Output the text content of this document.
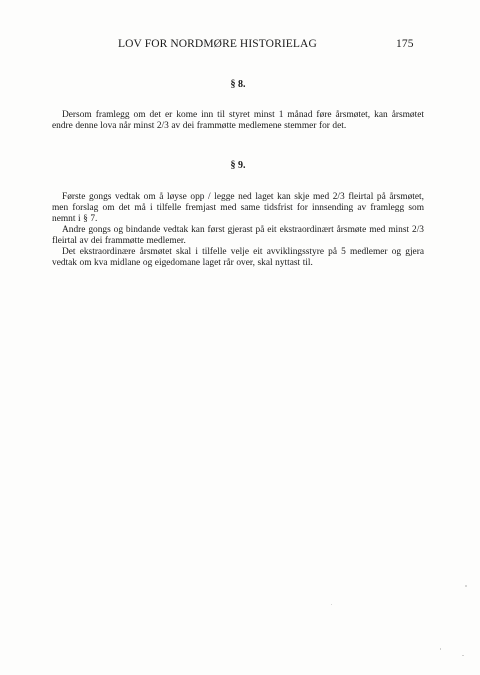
LOV FOR NORDMØRE HISTORIELAG	175

§ 8.

Dersom framlegg om det er kome inn til styret minst 1 månad føre årsmøtet, kan årsmøtet endre denne lova når minst 2/3 av dei frammøtte medlemene stemmer for det.

§ 9.

Første gongs vedtak om å løyse opp / legge ned laget kan skje med 2/3 fleirtal på årsmøtet, men forslag om det må i tilfelle fremjast med same tidsfrist for innsending av framlegg som nemnt i § 7.

Andre gongs og bindande vedtak kan først gjerast på eit ekstraordinært årsmøte med minst 2/3 fleirtal av dei frammøtte medlemer.

Det ekstraordinære årsmøtet skal i tilfelle velje eit avviklingsstyre på 5 medlemer og gjera vedtak om kva midlane og eigedomane laget rår over, skal nyttast til.
